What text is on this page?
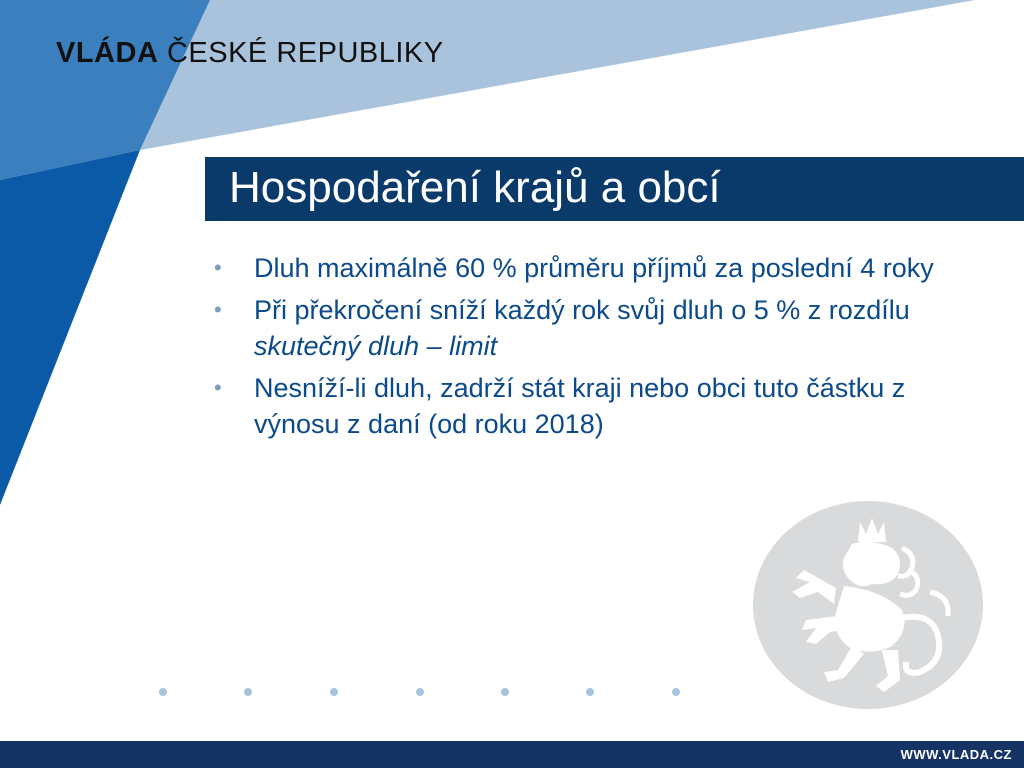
VLÁDA ČESKÉ REPUBLIKY
Hospodaření krajů a obcí
• Dluh maximálně 60 % průměru příjmů za poslední 4 roky
• Při překročení sníží každý rok svůj dluh o 5 % z rozdílu skutečný dluh – limit
• Nesníží-li dluh, zadrží stát kraji nebo obci tuto částku z výnosu z daní (od roku 2018)
WWW.VLADA.CZ
